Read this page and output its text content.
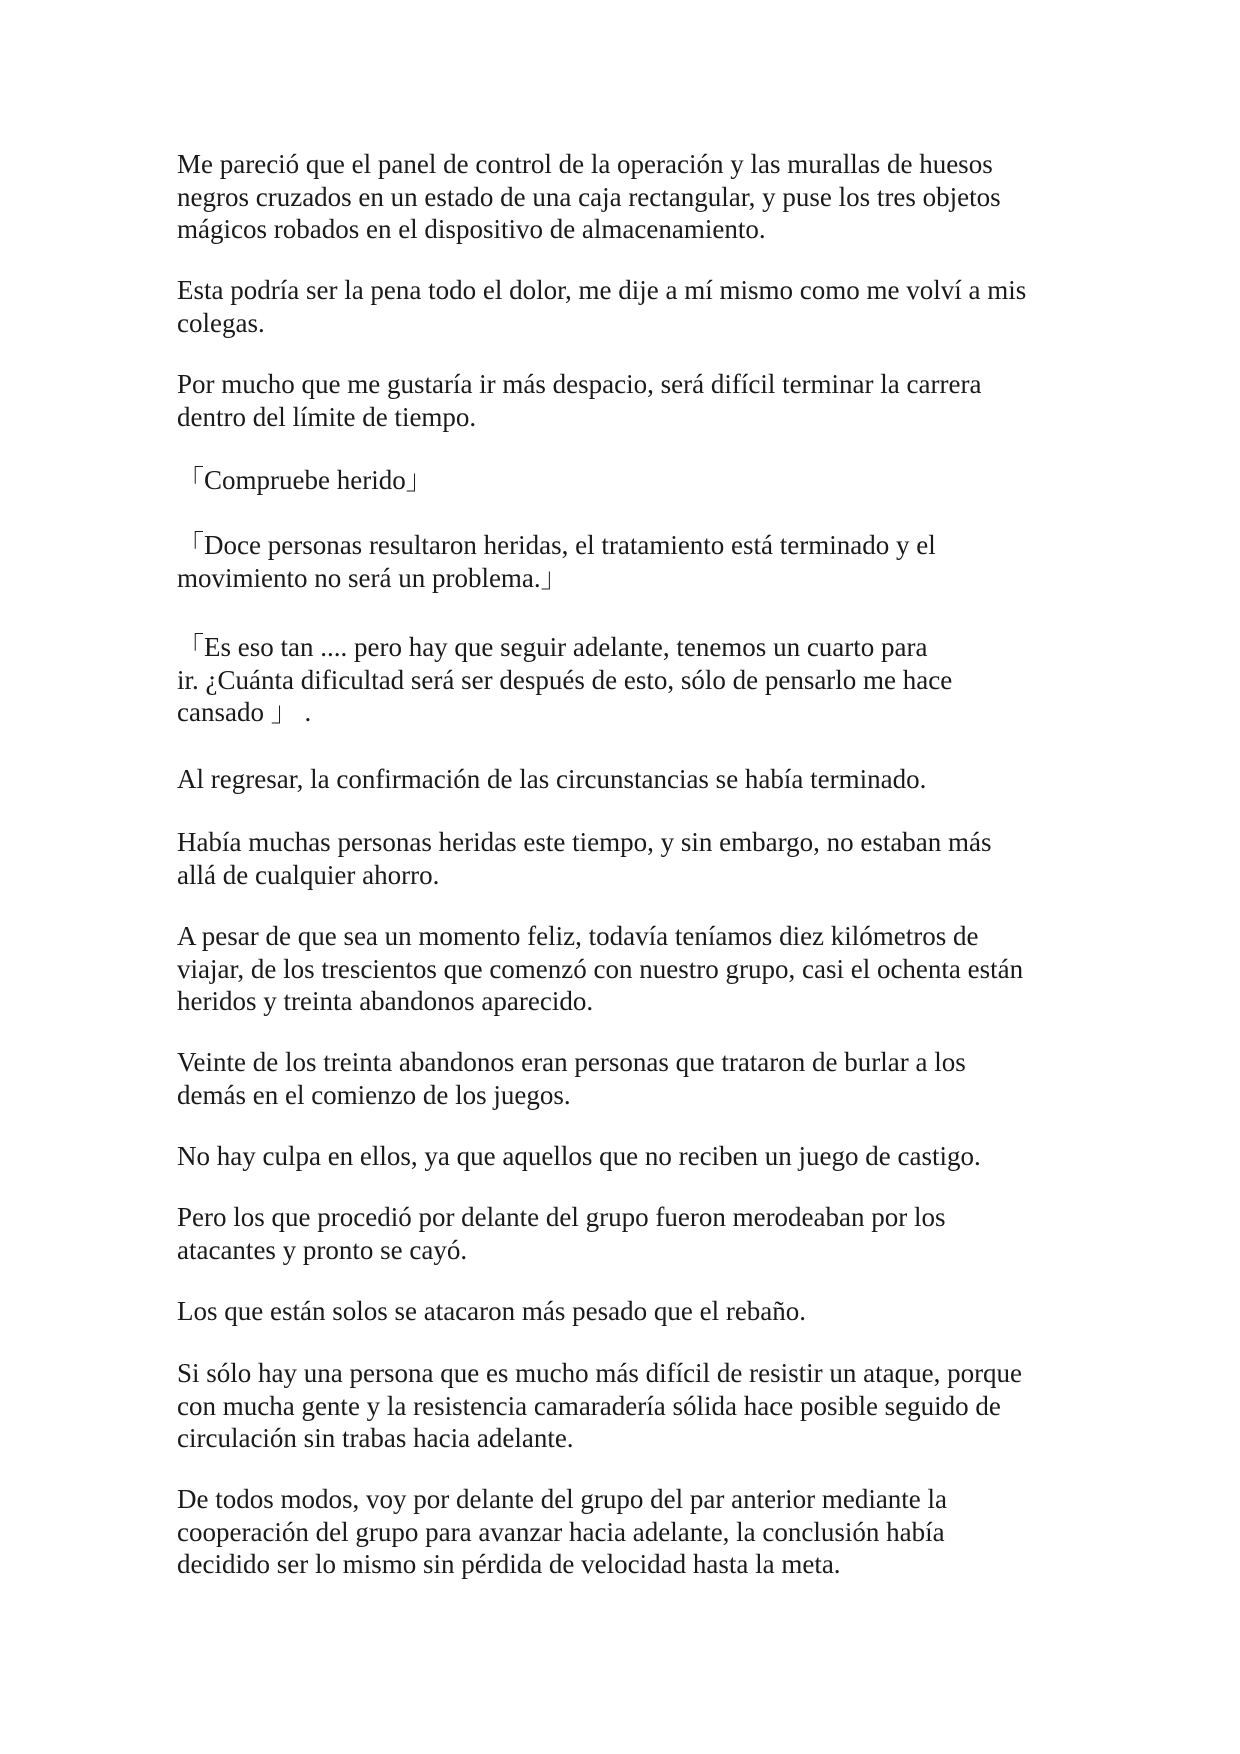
Me pareció que el panel de control de la operación y las murallas de huesos
negros cruzados en un estado de una caja rectangular, y puse los tres objetos
mágicos robados en el dispositivo de almacenamiento.
Esta podría ser la pena todo el dolor, me dije a mí mismo como me volví a mis
colegas.
Por mucho que me gustaría ir más despacio, será difícil terminar la carrera
dentro del límite de tiempo.
「Compruebe herido」
「Doce personas resultaron heridas, el tratamiento está terminado y el
movimiento no será un problema.」
「Es eso tan .... pero hay que seguir adelante, tenemos un cuarto para
ir. ¿Cuánta dificultad será ser después de esto, sólo de pensarlo me hace
cansado 」 .
Al regresar, la confirmación de las circunstancias se había terminado.
Había muchas personas heridas este tiempo, y sin embargo, no estaban más
allá de cualquier ahorro.
A pesar de que sea un momento feliz, todavía teníamos diez kilómetros de
viajar, de los trescientos que comenzó con nuestro grupo, casi el ochenta están
heridos y treinta abandonos aparecido.
Veinte de los treinta abandonos eran personas que trataron de burlar a los
demás en el comienzo de los juegos.
No hay culpa en ellos, ya que aquellos que no reciben un juego de castigo.
Pero los que procedió por delante del grupo fueron merodeaban por los
atacantes y pronto se cayó.
Los que están solos se atacaron más pesado que el rebaño.
Si sólo hay una persona que es mucho más difícil de resistir un ataque, porque
con mucha gente y la resistencia camaradería sólida hace posible seguido de
circulación sin trabas hacia adelante.
De todos modos, voy por delante del grupo del par anterior mediante la
cooperación del grupo para avanzar hacia adelante, la conclusión había
decidido ser lo mismo sin pérdida de velocidad hasta la meta.
